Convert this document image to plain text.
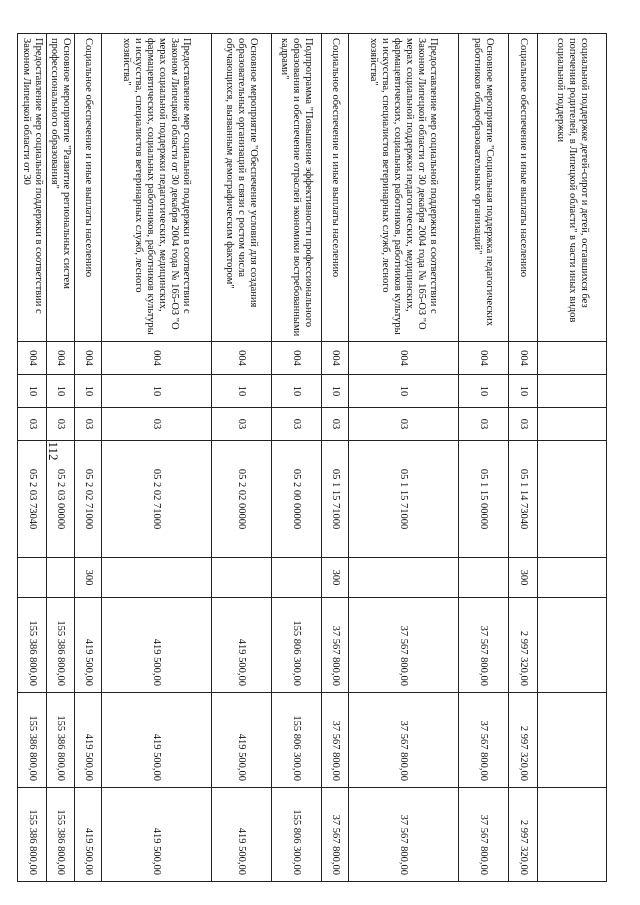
112
социальной поддержке детей-сирот и детей, оставшихся без попечения родителей, в Липецкой области" в части иных видов социальной поддержки								
Социальное обеспечение и иные выплаты населению	004	10	03	05 1 14 73040	300	2 997 320,00	2 997 320,00	2 997 320,00
Основное мероприятие "Социальная поддержка педагогических работников общеобразовательных организаций"	004	10	03	05 1 15 00000		37 567 800,00	37 567 800,00	37 567 800,00
Предоставление мер социальной поддержки в соответствии с Законом Липецкой области от 30 декабря 2004 года № 165-ОЗ "О мерах социальной поддержки педагогических, медицинских, фармацевтических, социальных работников, работников культуры и искусства, специалистов ветеринарных служб, лесного хозяйства"	004	10	03	05 1 15 71000		37 567 800,00	37 567 800,00	37 567 800,00
Социальное обеспечение и иные выплаты населению	004	10	03	05 1 15 71000	300	37 567 800,00	37 567 800,00	37 567 800,00
Подпрограмма "Повышение эффективности профессионального образования и обеспечение отраслей экономики востребованными кадрами"	004	10	03	05 2 00 00000		155 806 300,00	155 806 300,00	155 806 300,00
Основное мероприятие "Обеспечение условий для создания образовательных организаций в связи с ростом числа обучающихся, вызванным демографическим фактором"	004	10	03	05 2 02 00000		419 500,00	419 500,00	419 500,00
Предоставление мер социальной поддержки в соответствии с Законом Липецкой области от 30 декабря 2004 года № 165-ОЗ "О мерах социальной поддержки педагогических, медицинских, фармацевтических, социальных работников, работников культуры и искусства, специалистов ветеринарных служб, лесного хозяйства"	004	10	03	05 2 02 71000		419 500,00	419 500,00	419 500,00
Социальное обеспечение и иные выплаты населению	004	10	03	05 2 02 71000	300	419 500,00	419 500,00	419 500,00
Основное мероприятие "Развитие региональных систем профессионального образования"	004	10	03	05 2 03 00000		155 386 800,00	155 386 800,00	155 386 800,00
Предоставление мер социальной поддержки в соответствии с Законом Липецкой области от 30	004	10	03	05 2 03 73040		155 386 800,00	155 386 800,00	155 386 800,00
